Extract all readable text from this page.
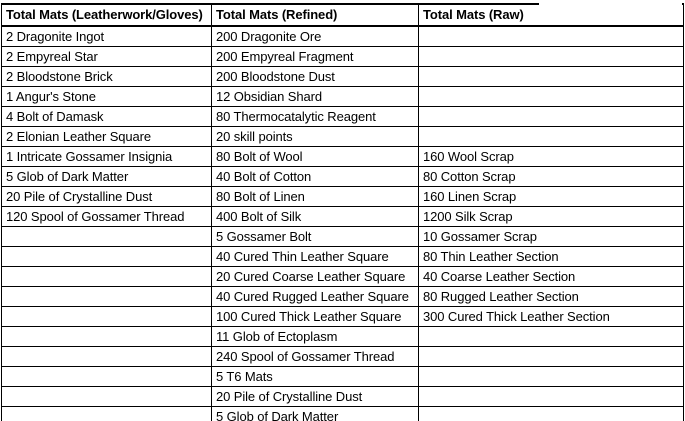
Total Mats (Leatherwork/Gloves)	Total Mats (Refined)	Total Mats (Raw)
2 Dragonite Ingot	200 Dragonite Ore	
2 Empyreal Star	200 Empyreal Fragment	
2 Bloodstone Brick	200 Bloodstone Dust	
1 Angur's Stone	12 Obsidian Shard	
4 Bolt of Damask	80 Thermocatalytic Reagent	
2 Elonian Leather Square	20 skill points	
1 Intricate Gossamer Insignia	80 Bolt of Wool	160 Wool Scrap
5 Glob of Dark Matter	40 Bolt of Cotton	80 Cotton Scrap
20 Pile of Crystalline Dust	80 Bolt of Linen	160 Linen Scrap
120 Spool of Gossamer Thread	400 Bolt of Silk	1200 Silk Scrap
	5 Gossamer Bolt	10 Gossamer Scrap
	40 Cured Thin Leather Square	80 Thin Leather Section
	20 Cured Coarse Leather Square	40 Coarse Leather Section
	40 Cured Rugged Leather Square	80 Rugged Leather Section
	100 Cured Thick Leather Square	300 Cured Thick Leather Section
	11 Glob of Ectoplasm	
	240 Spool of Gossamer Thread	
	5 T6 Mats	
	20 Pile of Crystalline Dust	
	5 Glob of Dark Matter	
